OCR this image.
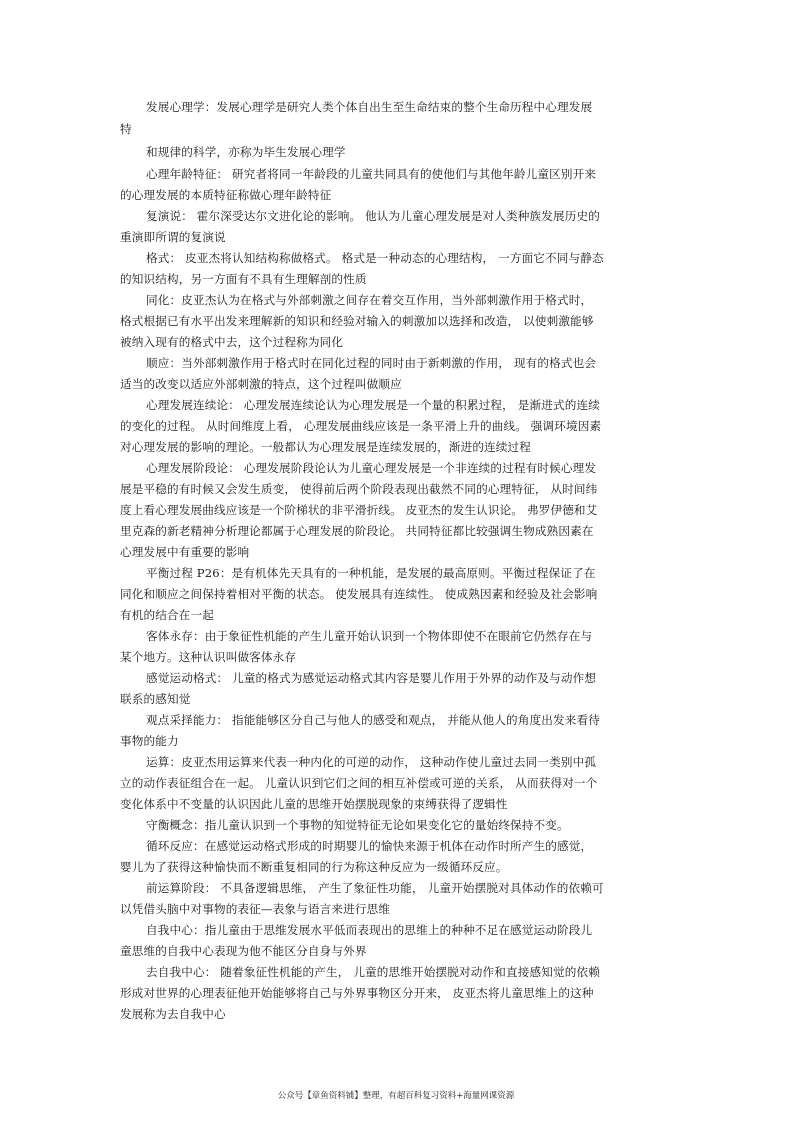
发展心理学：发展心理学是研究人类个体自出生至生命结束的整个生命历程中心理发展
特
和规律的科学，亦称为毕生发展心理学
心理年龄特征： 研究者将同一年龄段的儿童共同具有的使他们与其他年龄儿童区别开来
的心理发展的本质特征称做心理年龄特征
复演说： 霍尔深受达尔文进化论的影响。 他认为儿童心理发展是对人类种族发展历史的
重演即所谓的复演说
格式： 皮亚杰将认知结构称做格式。 格式是一种动态的心理结构， 一方面它不同与静态
的知识结构，另一方面有不具有生理解剖的性质
同化：皮亚杰认为在格式与外部刺激之间存在着交互作用，当外部刺激作用于格式时，
格式根据已有水平出发来理解新的知识和经验对输入的刺激加以选择和改造， 以使刺激能够
被纳入现有的格式中去，这个过程称为同化
顺应：当外部刺激作用于格式时在同化过程的同时由于新刺激的作用， 现有的格式也会
适当的改变以适应外部刺激的特点，这个过程叫做顺应
心理发展连续论： 心理发展连续论认为心理发展是一个量的积累过程， 是渐进式的连续
的变化的过程。 从时间维度上看， 心理发展曲线应该是一条平滑上升的曲线。 强调环境因素
对心理发展的影响的理论。一般都认为心理发展是连续发展的，渐进的连续过程
心理发展阶段论： 心理发展阶段论认为儿童心理发展是一个非连续的过程有时候心理发
展是平稳的有时候又会发生质变， 使得前后两个阶段表现出截然不同的心理特征， 从时间纬
度上看心理发展曲线应该是一个阶梯状的非平滑折线。 皮亚杰的发生认识论。 弗罗伊德和艾
里克森的新老精神分析理论都属于心理发展的阶段论。 共同特征都比较强调生物成熟因素在
心理发展中有重要的影响
平衡过程 P26：是有机体先天具有的一种机能，是发展的最高原则。平衡过程保证了在
同化和顺应之间保持着相对平衡的状态。 使发展具有连续性。 使成熟因素和经验及社会影响
有机的结合在一起
客体永存：由于象征性机能的产生儿童开始认识到一个物体即使不在眼前它仍然存在与
某个地方。这种认识叫做客体永存
感觉运动格式： 儿童的格式为感觉运动格式其内容是婴儿作用于外界的动作及与动作想
联系的感知觉
观点采择能力： 指能能够区分自己与他人的感受和观点， 并能从他人的角度出发来看待
事物的能力
运算：皮亚杰用运算来代表一种内化的可逆的动作， 这种动作使儿童过去同一类别中孤
立的动作表征组合在一起。 儿童认识到它们之间的相互补偿或可逆的关系， 从而获得对一个
变化体系中不变量的认识因此儿童的思维开始摆脱现象的束缚获得了逻辑性
守衡概念：指儿童认识到一个事物的知觉特征无论如果变化它的量始终保持不变。
循环反应：在感觉运动格式形成的时期婴儿的愉快来源于机体在动作时所产生的感觉，
婴儿为了获得这种愉快而不断重复相同的行为称这种反应为一级循环反应。
前运算阶段： 不具备逻辑思维， 产生了象征性功能， 儿童开始摆脱对具体动作的依赖可
以凭借头脑中对事物的表征—表象与语言来进行思维
自我中心：指儿童由于思维发展水平低而表现出的思维上的种种不足在感觉运动阶段儿
童思维的自我中心表现为他不能区分自身与外界
去自我中心： 随着象征性机能的产生， 儿童的思维开始摆脱对动作和直接感知觉的依赖
形成对世界的心理表征他开始能够将自己与外界事物区分开来， 皮亚杰将儿童思维上的这种
发展称为去自我中心
公众号【章鱼资料铺】整理，有超百科复习资料+海量网课资源
